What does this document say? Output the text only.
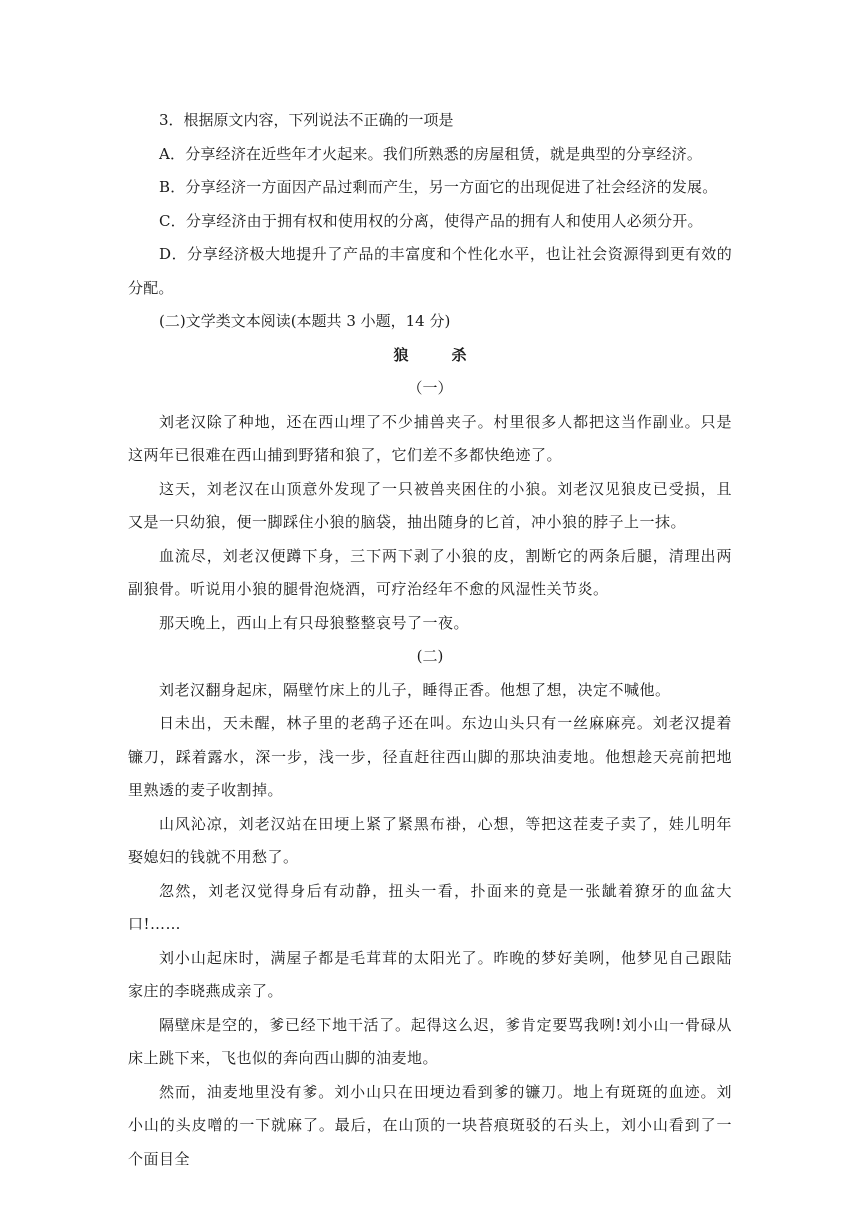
3．根据原文内容，下列说法不正确的一项是

A．分享经济在近些年才火起来。我们所熟悉的房屋租赁，就是典型的分享经济。

B．分享经济一方面因产品过剩而产生，另一方面它的出现促进了社会经济的发展。

C．分享经济由于拥有权和使用权的分离，使得产品的拥有人和使用人必须分开。

D．分享经济极大地提升了产品的丰富度和个性化水平，也让社会资源得到更有效的分配。

(二)文学类文本阅读(本题共 3 小题，14 分)

狼　杀

（一）

刘老汉除了种地，还在西山埋了不少捕兽夹子。村里很多人都把这当作副业。只是这两年已很难在西山捕到野猪和狼了，它们差不多都快绝迹了。

这天，刘老汉在山顶意外发现了一只被兽夹困住的小狼。刘老汉见狼皮已受损，且又是一只幼狼，便一脚踩住小狼的脑袋，抽出随身的匕首，冲小狼的脖子上一抹。

血流尽，刘老汉便蹲下身，三下两下剥了小狼的皮，割断它的两条后腿，清理出两副狼骨。听说用小狼的腿骨泡烧酒，可疗治经年不愈的风湿性关节炎。

那天晚上，西山上有只母狼整整哀号了一夜。

(二)

刘老汉翻身起床，隔壁竹床上的儿子，睡得正香。他想了想，决定不喊他。

日未出，天未醒，林子里的老鸹子还在叫。东边山头只有一丝麻麻亮。刘老汉提着镰刀，踩着露水，深一步，浅一步，径直赶往西山脚的那块油麦地。他想趁天亮前把地里熟透的麦子收割掉。

山风沁凉，刘老汉站在田埂上紧了紧黑布褂，心想，等把这茬麦子卖了，娃儿明年娶媳妇的钱就不用愁了。

忽然，刘老汉觉得身后有动静，扭头一看，扑面来的竟是一张龇着獠牙的血盆大口!……

刘小山起床时，满屋子都是毛茸茸的太阳光了。昨晚的梦好美咧，他梦见自己跟陆家庄的李晓燕成亲了。

隔壁床是空的，爹已经下地干活了。起得这么迟，爹肯定要骂我咧!刘小山一骨碌从床上跳下来，飞也似的奔向西山脚的油麦地。

然而，油麦地里没有爹。刘小山只在田埂边看到爹的镰刀。地上有斑斑的血迹。刘小山的头皮噌的一下就麻了。最后，在山顶的一块苔痕斑驳的石头上，刘小山看到了一个面目全
